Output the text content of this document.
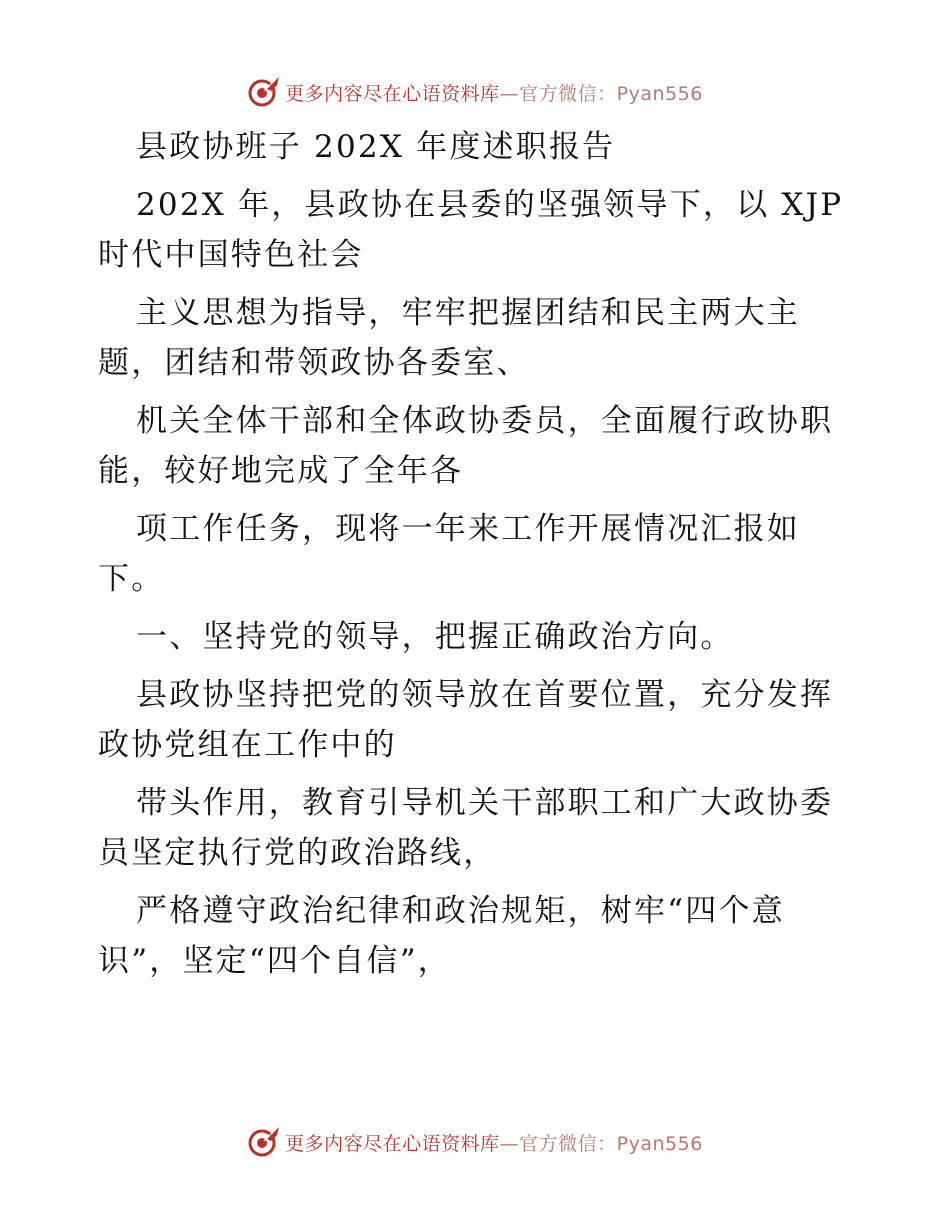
更多内容尽在心语资料库—官方微信：Pyan556
县政协班子 202X 年度述职报告
202X 年，县政协在县委的坚强领导下，以 XJP
时代中国特色社会
主义思想为指导，牢牢把握团结和民主两大主
题，团结和带领政协各委室、
机关全体干部和全体政协委员，全面履行政协职
能，较好地完成了全年各
项工作任务，现将一年来工作开展情况汇报如
下。
一、坚持党的领导，把握正确政治方向。
县政协坚持把党的领导放在首要位置，充分发挥
政协党组在工作中的
带头作用，教育引导机关干部职工和广大政协委
员坚定执行党的政治路线，
严格遵守政治纪律和政治规矩，树牢“四个意
识”，坚定“四个自信”，
更多内容尽在心语资料库—官方微信：Pyan556
